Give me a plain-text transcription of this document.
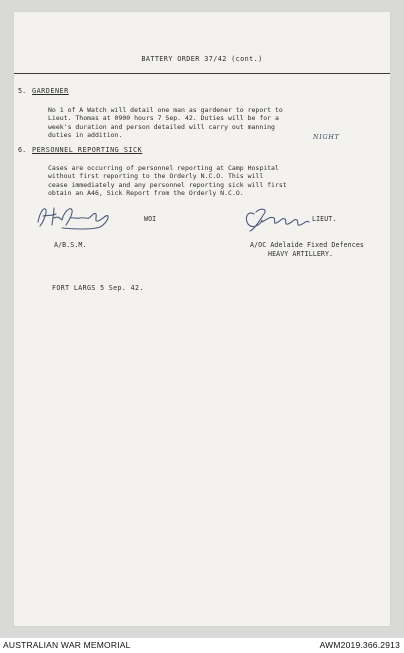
BATTERY ORDER 37/42 (cont.)
5. GARDENER
No 1 of A Watch will detail one man as gardener to report to
Lieut. Thomas at 0900 hours 7 Sep. 42. Duties will be for a
week's duration and person detailed will carry out manning
duties in addition.	NIGHT
6. PERSONNEL REPORTING SICK
Cases are occurring of personnel reporting at Camp Hospital
without first reporting to the Orderly N.C.O. This will
cease immediately and any personnel reporting sick will first
obtain an A46, Sick Report from the Orderly N.C.O.
WOI	LIEUT.
A/B.S.M.	A/OC Adelaide Fixed Defences
HEAVY ARTILLERY.
FORT LARGS 5 Sep. 42.
AUSTRALIAN WAR MEMORIAL	AWM2019.366.2913
